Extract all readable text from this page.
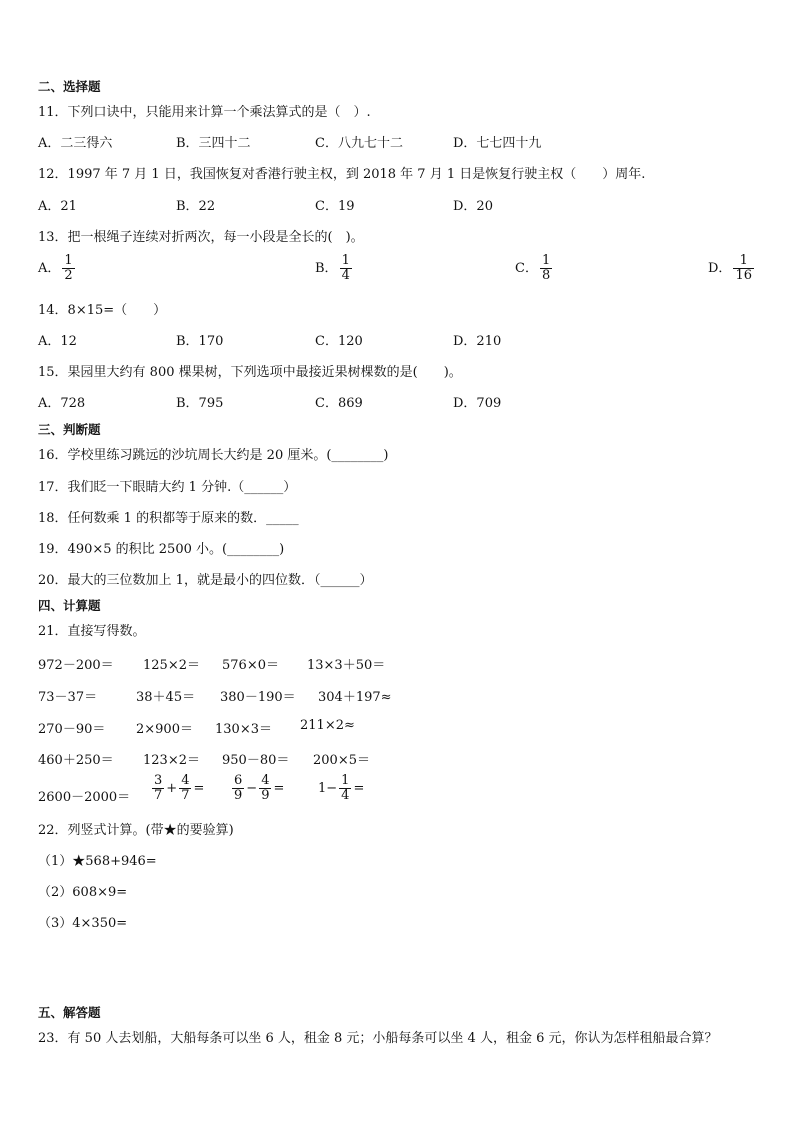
二、选择题
11．下列口诀中，只能用来计算一个乘法算式的是（　）.
A．二三得六	B．三四十二	C．八九七十二	D．七七四十九
12．1997 年 7 月 1 日，我国恢复对香港行驶主权，到 2018 年 7 月 1 日是恢复行驶主权（　　）周年.
A．21	B．22	C．19	D．20
13．把一根绳子连续对折两次，每一小段是全长的(　)。
A． $\frac{1}{2}$	B． $\frac{1}{4}$	C． $\frac{1}{8}$	D． $\frac{1}{16}$
14．8×15=（　　）
A．12	B．170	C．120	D．210
15．果园里大约有 800 棵果树，下列选项中最接近果树棵数的是(　　)。
A．728	B．795	C．869	D．709
三、判断题
16．学校里练习跳远的沙坑周长大约是 20 厘米。(________)
17．我们眨一下眼睛大约 1 分钟.（______）
18．任何数乘 1 的积都等于原来的数．_____
19．490×5 的积比 2500 小。(________)
20．最大的三位数加上 1，就是最小的四位数．（______）
四、计算题
21．直接写得数。
972－200＝ 125×2＝ 576×0＝ 13×3＋50＝
73－37＝	38＋45＝ 380－190＝ 304＋197≈
270－90＝ 2×900＝ 130×3＝ 211×2≈
460＋250＝ 123×2＝ 950－80＝ 200×5＝
$2600-2000= \frac{3}{7} + \frac{4}{7} = \frac{6}{9} - \frac{4}{9}$ =	$1- \frac{1}{4}$ =
22．列竖式计算。(带★的要验算)
（1）★568+946=
（2）608×9=
（3）4×350=
五、解答题
23．有 50 人去划船，大船每条可以坐 6 人，租金 8 元；小船每条可以坐 4 人，租金 6 元，你认为怎样租船最合算？
